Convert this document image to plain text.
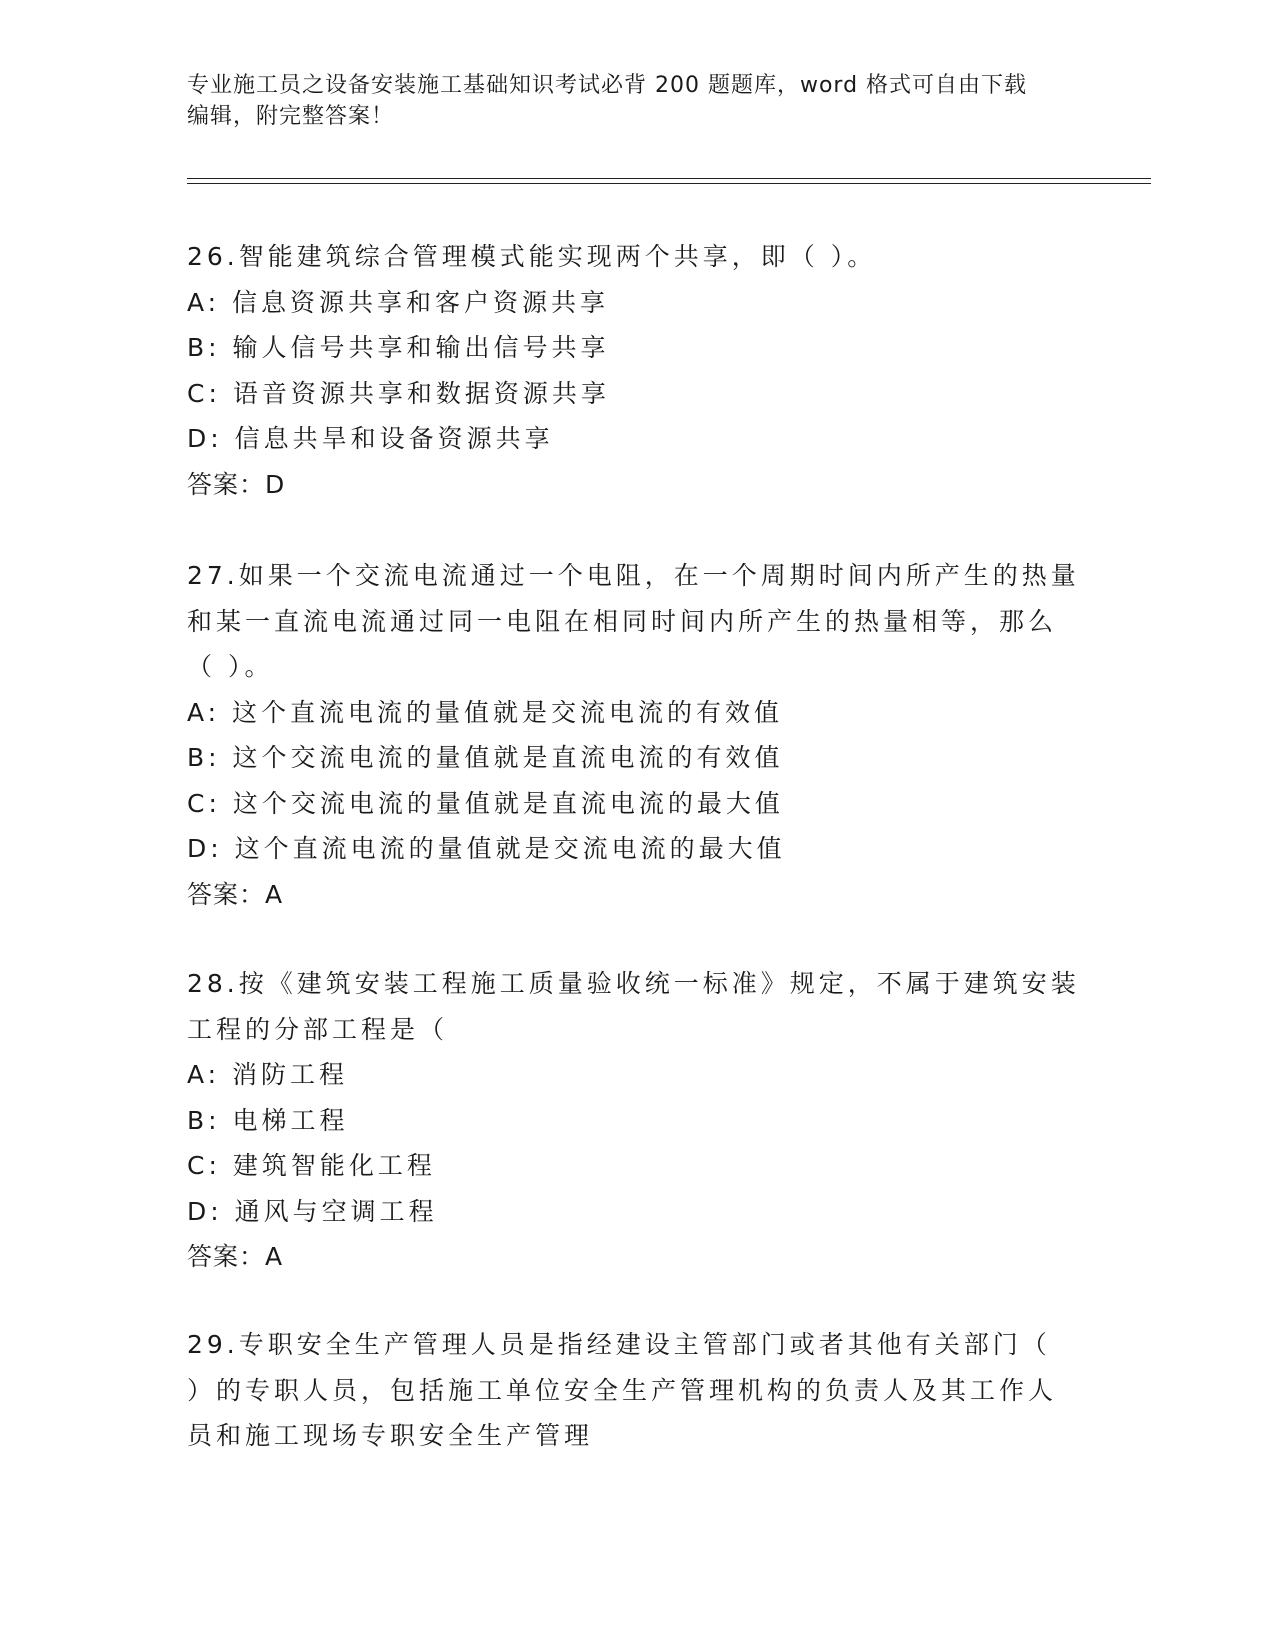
专业施工员之设备安装施工基础知识考试必背 200 题题库，word 格式可自由下载
编辑，附完整答案！
26.智能建筑综合管理模式能实现两个共享，即（ ）。
A: 信息资源共享和客户资源共享
B: 输人信号共享和输出信号共享
C: 语音资源共享和数据资源共享
D: 信息共旱和设备资源共享
答案：D
27.如果一个交流电流通过一个电阻，在一个周期时间内所产生的热量
和某一直流电流通过同一电阻在相同时间内所产生的热量相等，那么
（ ）。
A: 这个直流电流的量值就是交流电流的有效值
B: 这个交流电流的量值就是直流电流的有效值
C: 这个交流电流的量值就是直流电流的最大值
D: 这个直流电流的量值就是交流电流的最大值
答案：A
28.按《建筑安装工程施工质量验收统一标准》规定，不属于建筑安装
工程的分部工程是（
A: 消防工程
B: 电梯工程
C: 建筑智能化工程
D: 通风与空调工程
答案：A
29.专职安全生产管理人员是指经建设主管部门或者其他有关部门（
）的专职人员，包括施工单位安全生产管理机构的负责人及其工作人
员和施工现场专职安全生产管理
